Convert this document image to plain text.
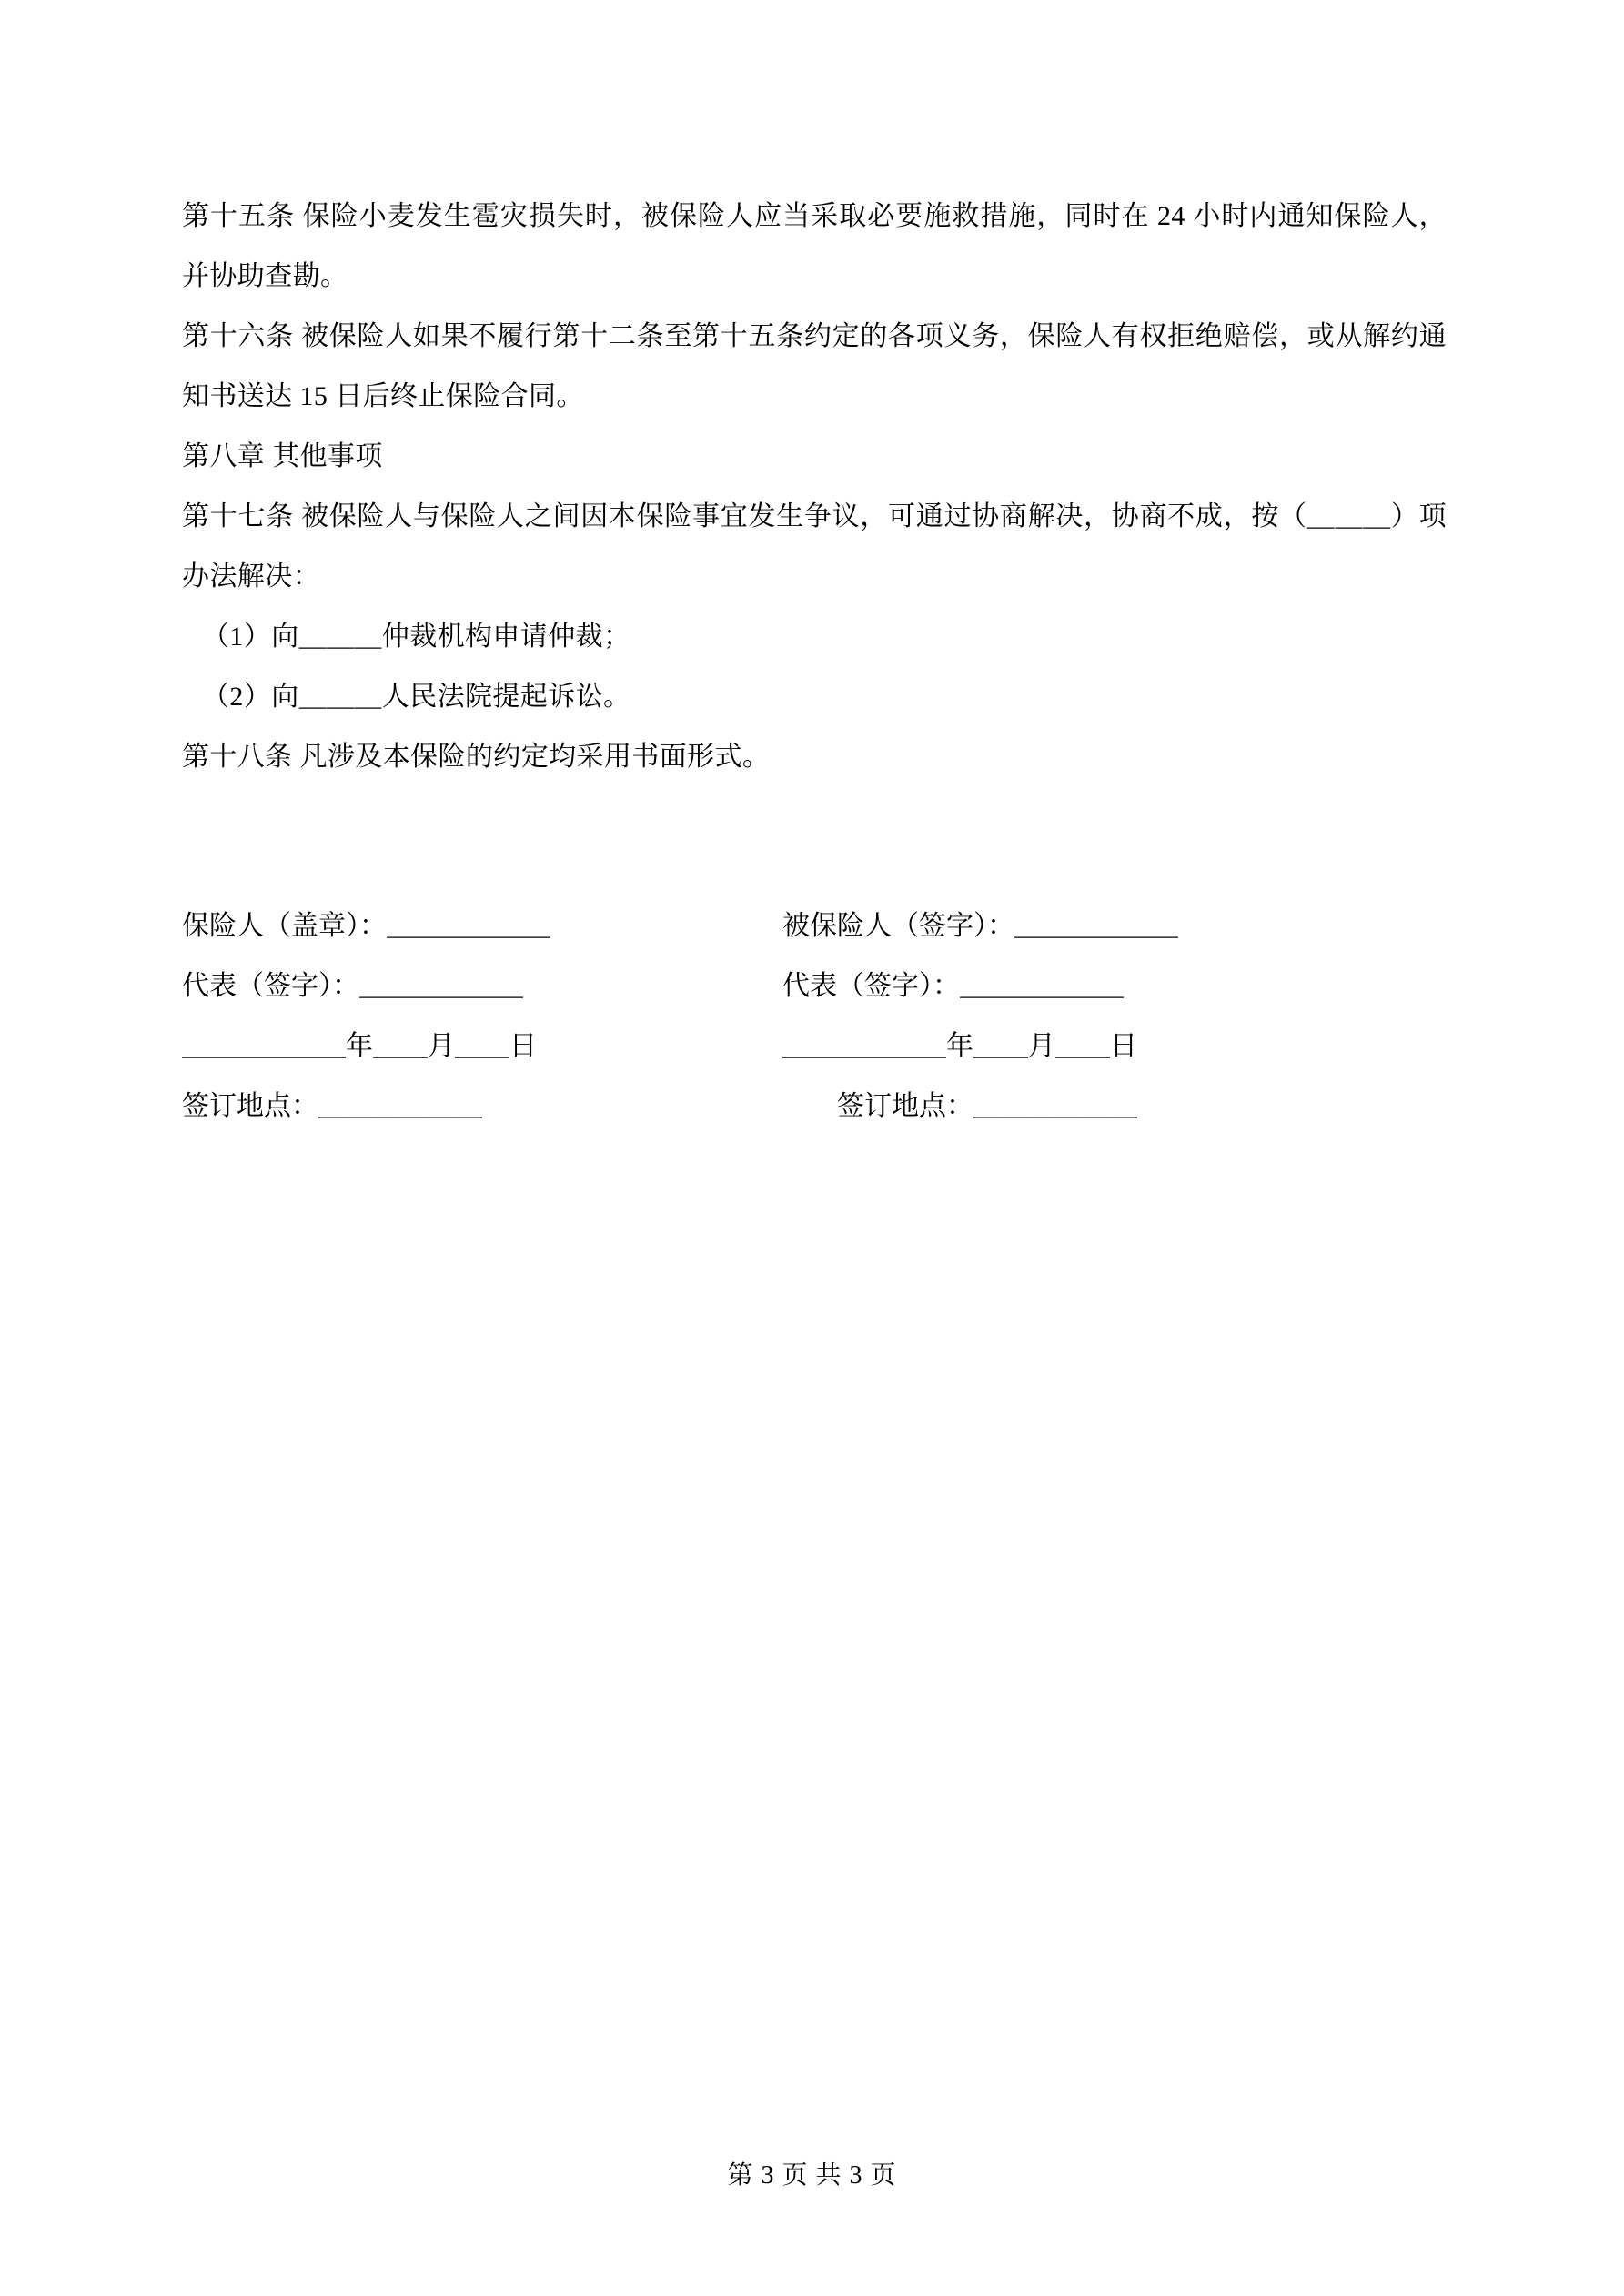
第十五条 保险小麦发生雹灾损失时，被保险人应当采取必要施救措施，同时在 24 小时内通知保险人，并协助查勘。

第十六条 被保险人如果不履行第十二条至第十五条约定的各项义务，保险人有权拒绝赔偿，或从解约通知书送达 15 日后终止保险合同。

第八章 其他事项

第十七条 被保险人与保险人之间因本保险事宜发生争议，可通过协商解决，协商不成，按（＿＿＿）项办法解决：

（1）向＿＿＿仲裁机构申请仲裁；

（2）向＿＿＿人民法院提起诉讼。

第十八条 凡涉及本保险的约定均采用书面形式。

保险人（盖章）：＿＿＿＿＿＿	被保险人（签字）：＿＿＿＿＿＿
代表（签字）：＿＿＿＿＿＿	代表（签字）：＿＿＿＿＿＿
＿＿＿＿＿＿年＿＿月＿＿日	＿＿＿＿＿＿年＿＿月＿＿日
签订地点：＿＿＿＿＿＿	签订地点：＿＿＿＿＿＿
第 3 页 共 3 页
